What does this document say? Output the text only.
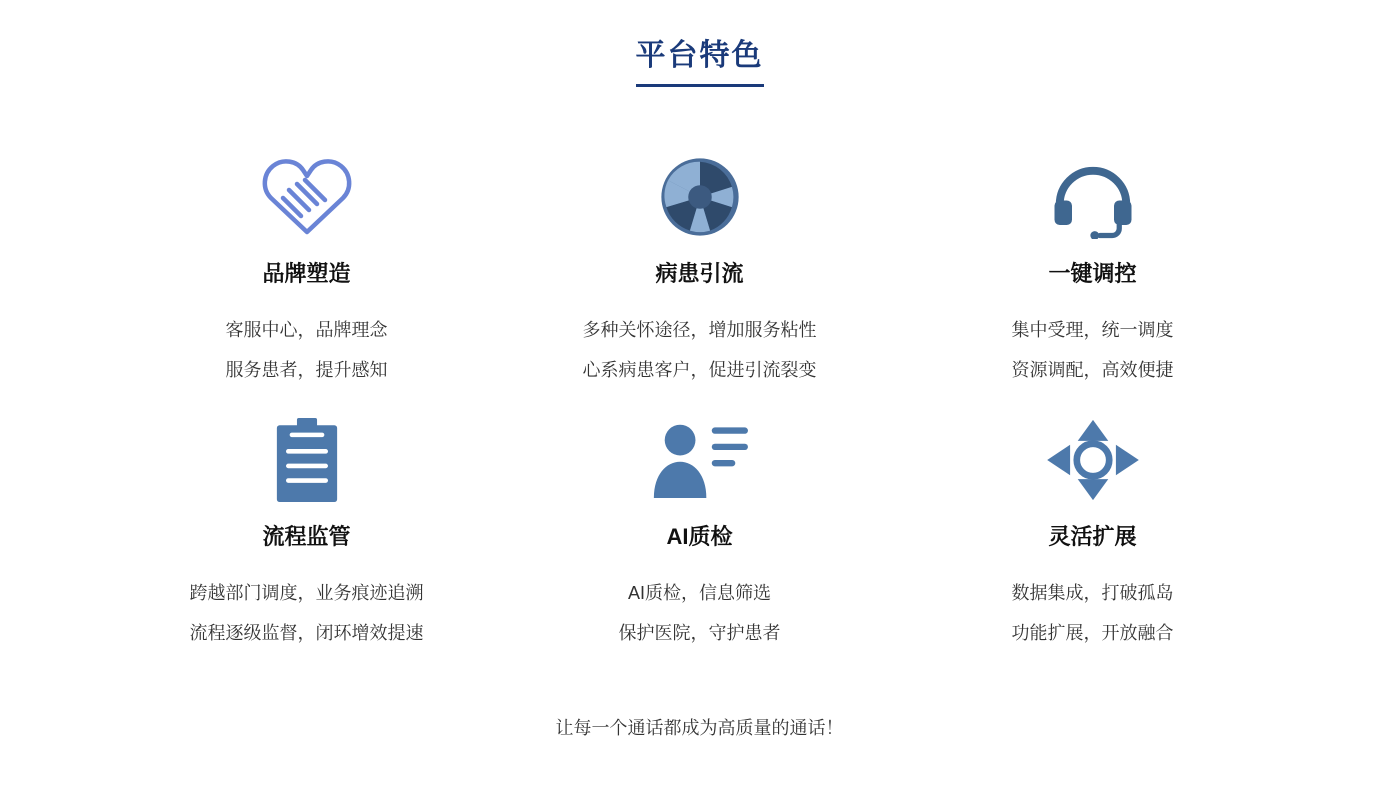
平台特色
品牌塑造
客服中心，品牌理念
服务患者，提升感知
病患引流
多种关怀途径，增加服务粘性
心系病患客户，促进引流裂变
一键调控
集中受理，统一调度
资源调配，高效便捷
流程监管
跨越部门调度，业务痕迹追溯
流程逐级监督，闭环增效提速
AI质检
AI质检，信息筛选
保护医院，守护患者
灵活扩展
数据集成，打破孤岛
功能扩展，开放融合
让每一个通话都成为高质量的通话！
